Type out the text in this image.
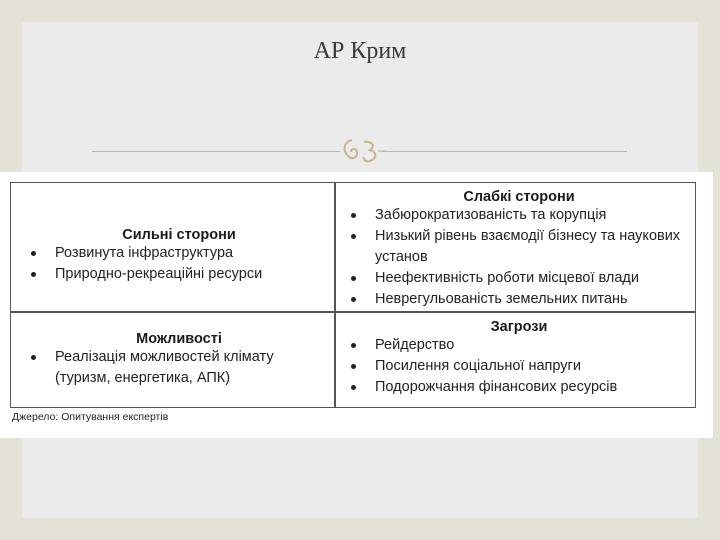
АР Крим
Сильні сторони
Розвинута інфраструктура
Природно-рекреаційні ресурси
Слабкі сторони
Забюрократизованість та корупція
Низький рівень взаємодії бізнесу та наукових установ
Неефективність роботи місцевої влади
Неврегульованість земельних питань
Можливості
Реалізація можливостей клімату (туризм, енергетика, АПК)
Загрози
Рейдерство
Посилення соціальної напруги
Подорожчання фінансових ресурсів
Джерело: Опитування експертів
